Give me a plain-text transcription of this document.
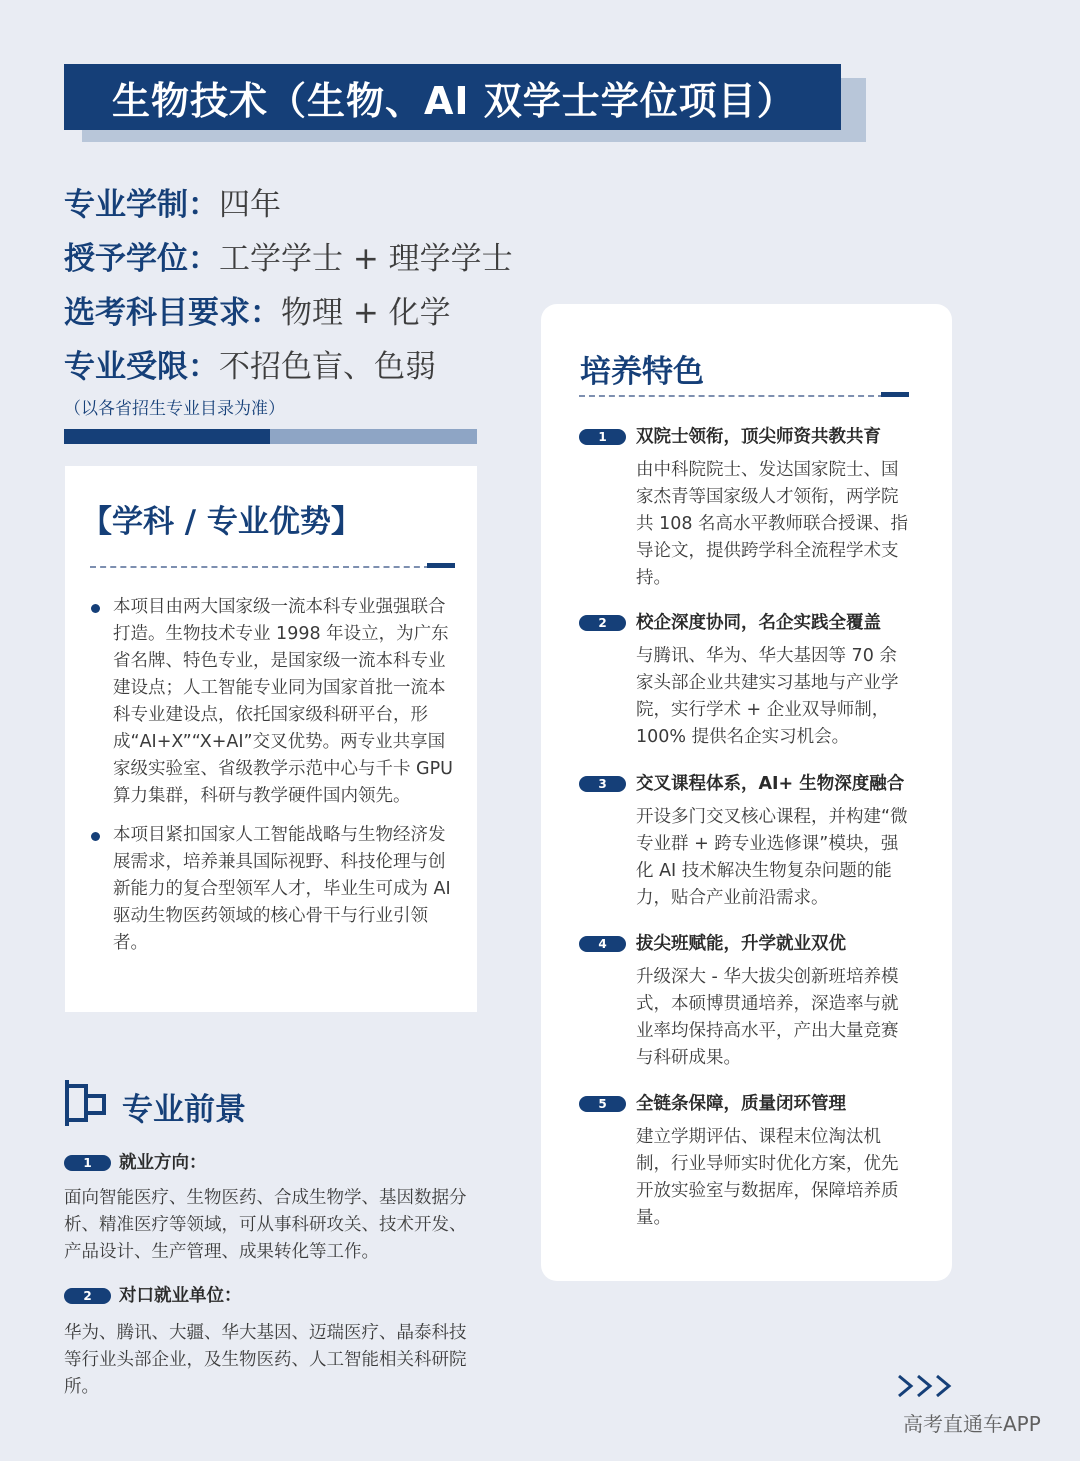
生物技术（生物、AI 双学士学位项目）
专业学制：四年
授予学位：工学学士 + 理学学士
选考科目要求：物理 + 化学
专业受限：不招色盲、色弱
（以各省招生专业目录为准）
【学科 / 专业优势】
本项目由两大国家级一流本科专业强强联合打造。生物技术专业 1998 年设立，为广东省名牌、特色专业，是国家级一流本科专业建设点；人工智能专业同为国家首批一流本科专业建设点，依托国家级科研平台，形成“AI+X”“X+AI”交叉优势。两专业共享国家级实验室、省级教学示范中心与千卡 GPU 算力集群，科研与教学硬件国内领先。
本项目紧扣国家人工智能战略与生物经济发展需求，培养兼具国际视野、科技伦理与创新能力的复合型领军人才，毕业生可成为 AI 驱动生物医药领域的核心骨干与行业引领者。
培养特色
1 双院士领衔，顶尖师资共教共育
由中科院院士、发达国家院士、国家杰青等国家级人才领衔，两学院共 108 名高水平教师联合授课、指导论文，提供跨学科全流程学术支持。
2 校企深度协同，名企实践全覆盖
与腾讯、华为、华大基因等 70 余家头部企业共建实习基地与产业学院，实行学术 + 企业双导师制，100% 提供名企实习机会。
3 交叉课程体系，AI+ 生物深度融合
开设多门交叉核心课程，并构建“微专业群 + 跨专业选修课”模块，强化 AI 技术解决生物复杂问题的能力，贴合产业前沿需求。
4 拔尖班赋能，升学就业双优
升级深大 - 华大拔尖创新班培养模式，本硕博贯通培养，深造率与就业率均保持高水平，产出大量竞赛与科研成果。
5 全链条保障，质量闭环管理
建立学期评估、课程末位淘汰机制，行业导师实时优化方案，优先开放实验室与数据库，保障培养质量。
专业前景
1 就业方向：
面向智能医疗、生物医药、合成生物学、基因数据分析、精准医疗等领域，可从事科研攻关、技术开发、产品设计、生产管理、成果转化等工作。
2 对口就业单位：
华为、腾讯、大疆、华大基因、迈瑞医疗、晶泰科技等行业头部企业，及生物医药、人工智能相关科研院所。
高考直通车APP
